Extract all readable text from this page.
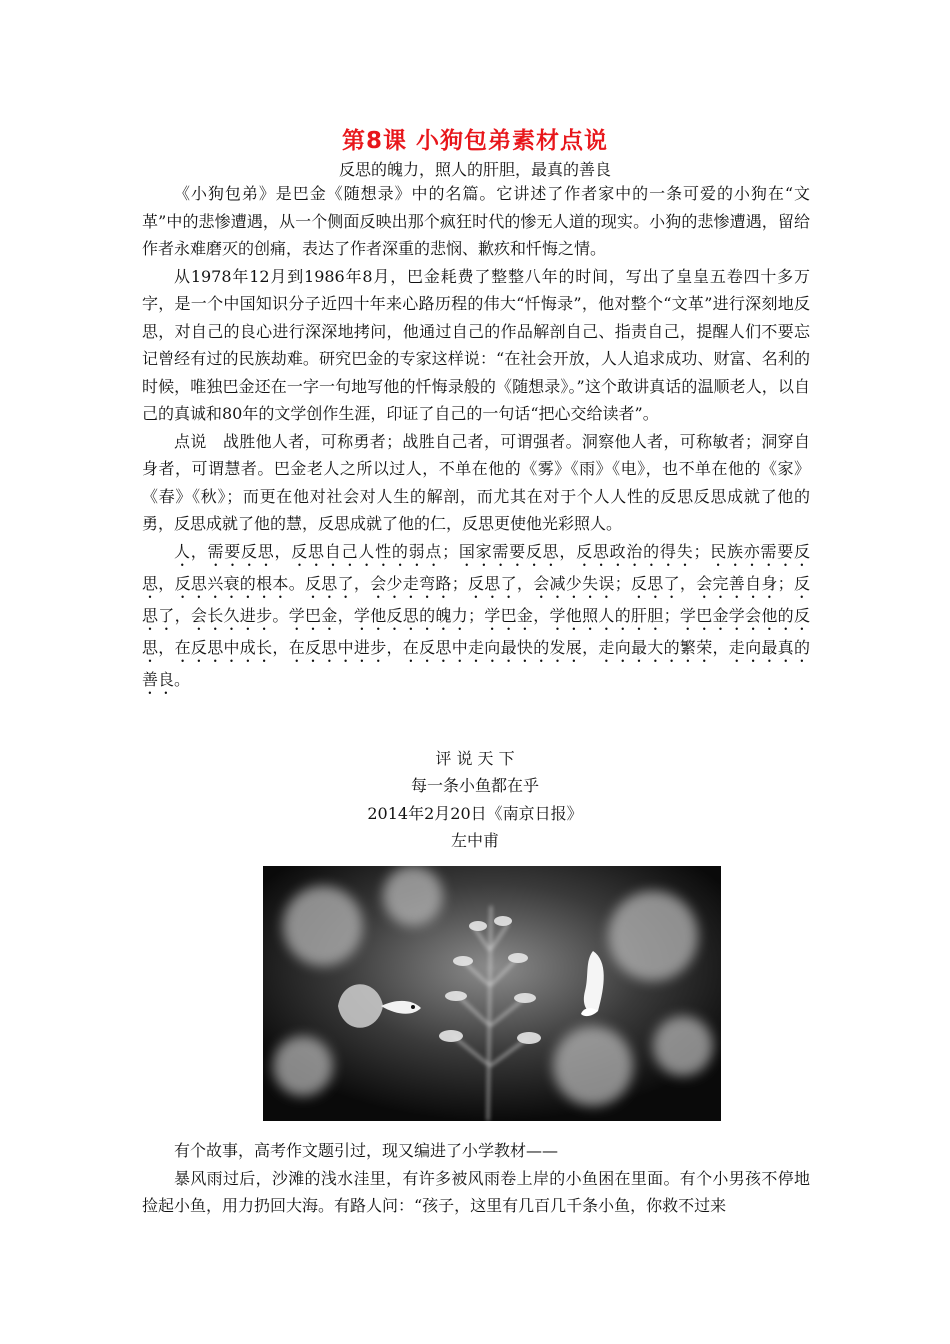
第8课 小狗包弟素材点说
反思的魄力，照人的肝胆，最真的善良

《小狗包弟》是巴金《随想录》中的名篇。它讲述了作者家中的一条可爱的小狗在“文革”中的悲惨遭遇，从一个侧面反映出那个疯狂时代的惨无人道的现实。小狗的悲惨遭遇，留给作者永难磨灭的创痛，表达了作者深重的悲悯、歉疚和忏悔之情。

从1978年12月到1986年8月，巴金耗费了整整八年的时间，写出了皇皇五卷四十多万字，是一个中国知识分子近四十年来心路历程的伟大“忏悔录”，他对整个“文革”进行深刻地反思，对自己的良心进行深深地拷问，他通过自己的作品解剖自己、指责自己，提醒人们不要忘记曾经有过的民族劫难。研究巴金的专家这样说：“在社会开放，人人追求成功、财富、名利的时候，唯独巴金还在一字一句地写他的忏悔录般的《随想录》。”这个敢讲真话的温顺老人，以自己的真诚和80年的文学创作生涯，印证了自己的一句话“把心交给读者”。

点说　战胜他人者，可称勇者；战胜自己者，可谓强者。洞察他人者，可称敏者；洞穿自身者，可谓慧者。巴金老人之所以过人，不单在他的《雾》《雨》《电》，也不单在他的《家》《春》《秋》；而更在他对社会对人生的解剖，而尤其在对于个人人性的反思反思成就了他的勇，反思成就了他的慧，反思成就了他的仁，反思更使他光彩照人。

人，需要反思，反思自己人性的弱点；国家需要反思，反思政治的得失；民族亦需要反思，反思兴衰的根本。反思了，会少走弯路；反思了，会减少失误；反思了，会完善自身；反思了，会长久进步。学巴金，学他反思的魄力；学巴金，学他照人的肝胆；学巴金学会他的反思，在反思中成长，在反思中进步，在反思中走向最快的发展，走向最大的繁荣，走向最真的善良。

评 说 天 下
每一条小鱼都在乎
2014年2月20日《南京日报》
左中甫

有个故事，高考作文题引过，现又编进了小学教材——

暴风雨过后，沙滩的浅水洼里，有许多被风雨卷上岸的小鱼困在里面。有个小男孩不停地捡起小鱼，用力扔回大海。有路人问：“孩子，这里有几百几千条小鱼，你救不过来
